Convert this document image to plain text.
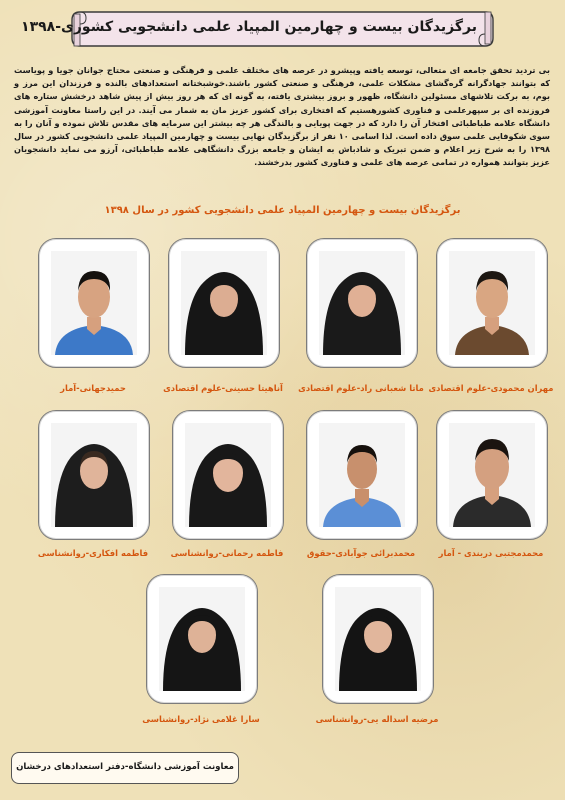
برگزیدگان بیست و چهارمین المپیاد علمی دانشجویی کشوری-۱۳۹۸
بی تردید تحقق جامعه ای متعالی، توسعه یافته وپیشرو در عرصه های مختلف علمی و فرهنگی و صنعتی محتاج جوانان جویا و پویاست که بتوانند جهادگرانه گره‌گشای مشکلات علمی، فرهنگی و صنعتی کشور باشند.خوشبختانه استعدادهای بالنده و فرزندان این مرز و بوم، به برکت تلاشهای مسئولین دانشگاه، ظهور و بروز بیشتری یافته، به گونه ای که هر روز بیش از پیش شاهد درخشش ستاره های فروزنده ای بر سپهرعلمی و فناوری کشورهستیم که افتخاری برای کشور عزیز مان به شمار می آیند. در این راستا معاونت آموزشی دانشگاه علامه طباطبائی افتخار آن را دارد که در جهت پویایی و بالندگی هر چه بیشتر این سرمایه های مقدس تلاش نموده و آنان را به سوی شکوفایی علمی سوق داده است. لذا اسامی ۱۰ نفر از برگزیدگان نهایی بیست و چهارمین المپیاد علمی دانشجویی کشور در سال ۱۳۹۸ را به شرح زیر اعلام و ضمن تبریک و شادباش به ایشان و جامعه بزرگ دانشگاهی علامه طباطبائی، آرزو می نماید دانشجویان عزیز بتوانند همواره در تمامی عرصه های علمی و فناوری کشور بدرخشند.
برگزیدگان بیست و چهارمین المپیاد علمی دانشجویی کشور در سال ۱۳۹۸
مهران محمودی-علوم اقتصادی
ماتا شعبانی راد-علوم اقتصادی
آناهیتا حسینی-علوم اقتصادی
حمیدجهانی-آمار
محمدمجتبی دربندی - آمار
محمدبرائی جوآبادی-حقوق
فاطمه رحمانی-روانشناسی
فاطمه افکاری-روانشناسی
مرضیه اسداله یی-روانشناسی
سارا غلامی نژاد-روانشناسی
معاونت آموزشی دانشگاه-دفتر استعدادهای درخشان
